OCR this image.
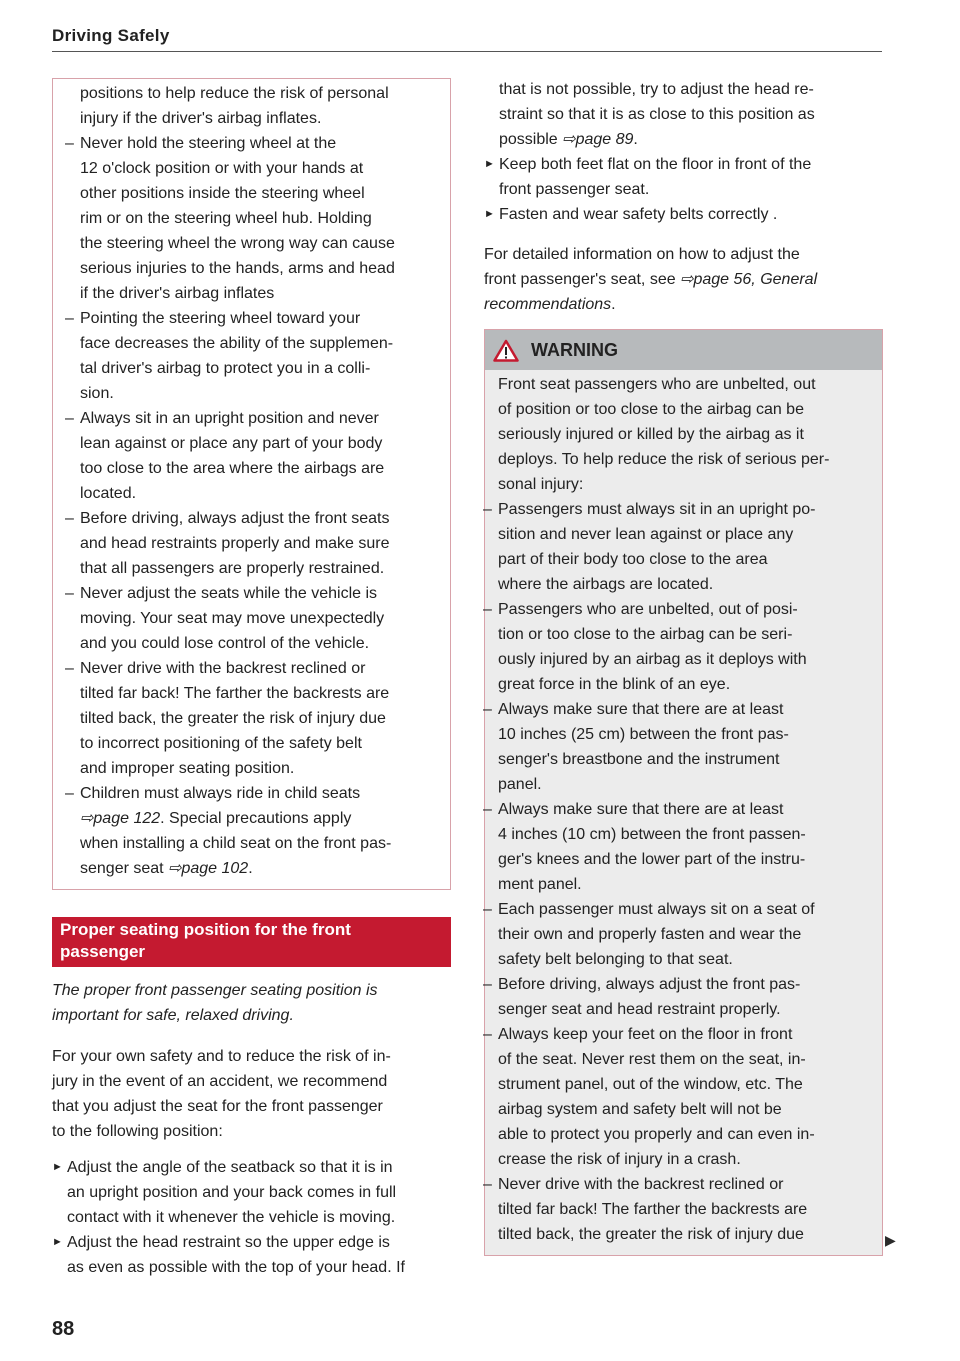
Driving Safely
positions to help reduce the risk of personal
injury if the driver's airbag inflates.
– Never hold the steering wheel at the
12 o'clock position or with your hands at
other positions inside the steering wheel
rim or on the steering wheel hub. Holding
the steering wheel the wrong way can cause
serious injuries to the hands, arms and head
if the driver's airbag inflates
– Pointing the steering wheel toward your
face decreases the ability of the supplemen-
tal driver's airbag to protect you in a colli-
sion.
– Always sit in an upright position and never
lean against or place any part of your body
too close to the area where the airbags are
located.
– Before driving, always adjust the front seats
and head restraints properly and make sure
that all passengers are properly restrained.
– Never adjust the seats while the vehicle is
moving. Your seat may move unexpectedly
and you could lose control of the vehicle.
– Never drive with the backrest reclined or
tilted far back! The farther the backrests are
tilted back, the greater the risk of injury due
to incorrect positioning of the safety belt
and improper seating position.
– Children must always ride in child seats
⇨page 122. Special precautions apply
when installing a child seat on the front pas-
senger seat ⇨page 102.
Proper seating position for the front
passenger
The proper front passenger seating position is
important for safe, relaxed driving.
For your own safety and to reduce the risk of in-
jury in the event of an accident, we recommend
that you adjust the seat for the front passenger
to the following position:
► Adjust the angle of the seatback so that it is in
an upright position and your back comes in full
contact with it whenever the vehicle is moving.
► Adjust the head restraint so the upper edge is
as even as possible with the top of your head. If
that is not possible, try to adjust the head re-
straint so that it is as close to this position as
possible ⇨page 89.
► Keep both feet flat on the floor in front of the
front passenger seat.
► Fasten and wear safety belts correctly .
For detailed information on how to adjust the
front passenger's seat, see ⇨page 56, General
recommendations.
WARNING
Front seat passengers who are unbelted, out
of position or too close to the airbag can be
seriously injured or killed by the airbag as it
deploys. To help reduce the risk of serious per-
sonal injury:
– Passengers must always sit in an upright po-
sition and never lean against or place any
part of their body too close to the area
where the airbags are located.
– Passengers who are unbelted, out of posi-
tion or too close to the airbag can be seri-
ously injured by an airbag as it deploys with
great force in the blink of an eye.
– Always make sure that there are at least
10 inches (25 cm) between the front pas-
senger's breastbone and the instrument
panel.
– Always make sure that there are at least
4 inches (10 cm) between the front passen-
ger's knees and the lower part of the instru-
ment panel.
– Each passenger must always sit on a seat of
their own and properly fasten and wear the
safety belt belonging to that seat.
– Before driving, always adjust the front pas-
senger seat and head restraint properly.
– Always keep your feet on the floor in front
of the seat. Never rest them on the seat, in-
strument panel, out of the window, etc. The
airbag system and safety belt will not be
able to protect you properly and can even in-
crease the risk of injury in a crash.
– Never drive with the backrest reclined or
tilted far back! The farther the backrests are
tilted back, the greater the risk of injury due	▶
88
